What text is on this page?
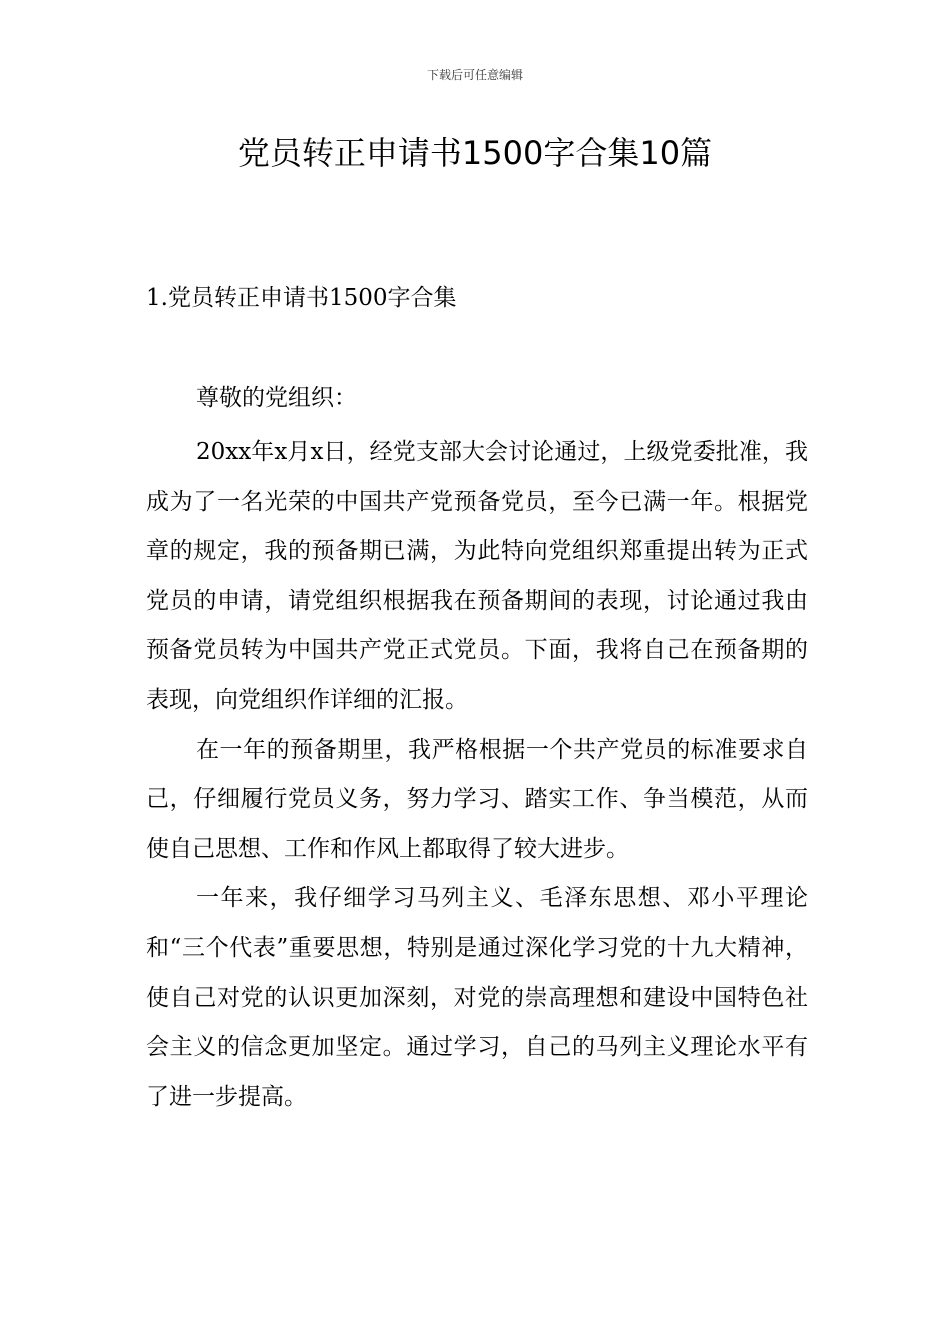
下载后可任意编辑
党员转正申请书1500字合集10篇
1.党员转正申请书1500字合集

尊敬的党组织：

20xx年x月x日，经党支部大会讨论通过，上级党委批准，我成为了一名光荣的中国共产党预备党员，至今已满一年。根据党章的规定，我的预备期已满，为此特向党组织郑重提出转为正式党员的申请，请党组织根据我在预备期间的表现，讨论通过我由预备党员转为中国共产党正式党员。下面，我将自己在预备期的表现，向党组织作详细的汇报。

在一年的预备期里，我严格根据一个共产党员的标准要求自己，仔细履行党员义务，努力学习、踏实工作、争当模范，从而使自己思想、工作和作风上都取得了较大进步。

一年来，我仔细学习马列主义、毛泽东思想、邓小平理论和“三个代表”重要思想，特别是通过深化学习党的十九大精神，使自己对党的认识更加深刻，对党的崇高理想和建设中国特色社会主义的信念更加坚定。通过学习，自己的马列主义理论水平有了进一步提高。
